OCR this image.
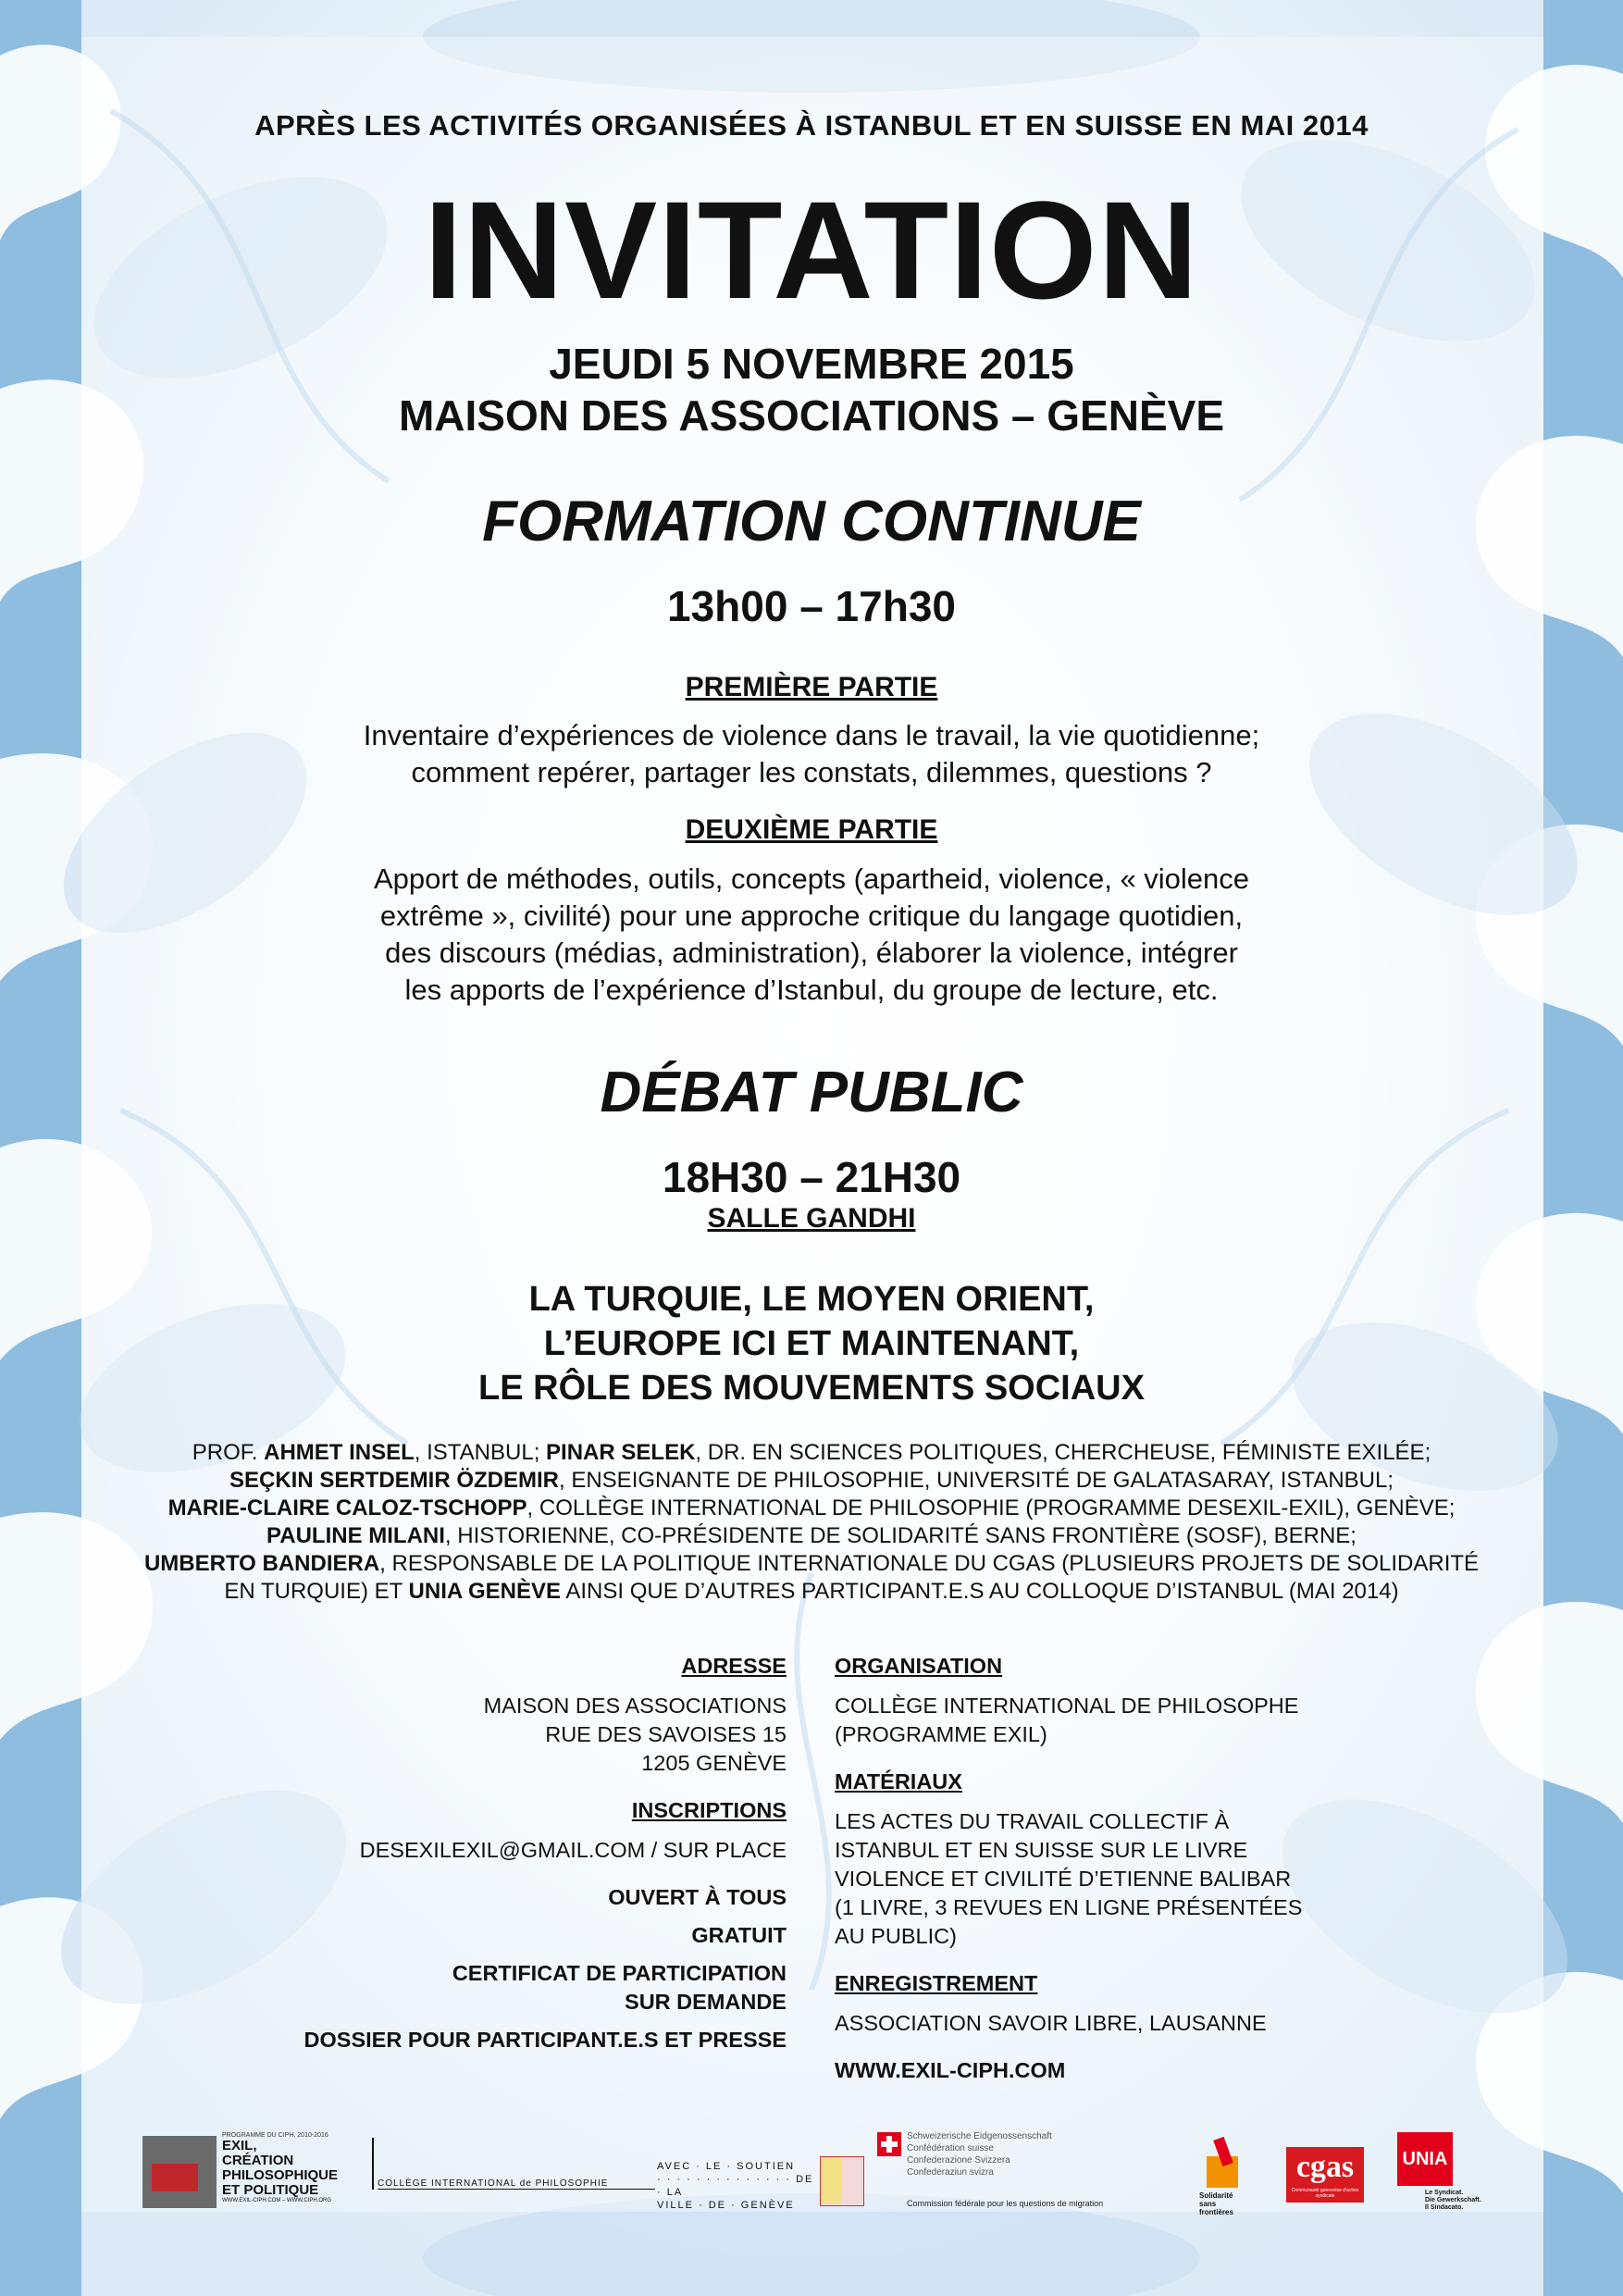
APRÈS LES ACTIVITÉS ORGANISÉES À ISTANBUL ET EN SUISSE EN MAI 2014
INVITATION
JEUDI 5 NOVEMBRE 2015
MAISON DES ASSOCIATIONS – GENÈVE
FORMATION CONTINUE
13h00 – 17h30
PREMIÈRE PARTIE
Inventaire d’expériences de violence dans le travail, la vie quotidienne;
comment repérer, partager les constats, dilemmes, questions ?
DEUXIÈME PARTIE
Apport de méthodes, outils, concepts (apartheid, violence, « violence
extrême », civilité) pour une approche critique du langage quotidien,
des discours (médias, administration), élaborer la violence, intégrer
les apports de l’expérience d’Istanbul, du groupe de lecture, etc.
DÉBAT PUBLIC
18H30 – 21H30
SALLE GANDHI
LA TURQUIE, LE MOYEN ORIENT,
L’EUROPE ICI ET MAINTENANT,
LE RÔLE DES MOUVEMENTS SOCIAUX
PROF. AHMET INSEL, ISTANBUL; PINAR SELEK, DR. EN SCIENCES POLITIQUES, CHERCHEUSE, FÉMINISTE EXILÉE;
SEÇKIN SERTDEMIR ÖZDEMIR, ENSEIGNANTE DE PHILOSOPHIE, UNIVERSITÉ DE GALATASARAY, ISTANBUL;
MARIE-CLAIRE CALOZ-TSCHOPP, COLLÈGE INTERNATIONAL DE PHILOSOPHIE (PROGRAMME DESEXIL-EXIL), GENÈVE;
PAULINE MILANI, HISTORIENNE, CO-PRÉSIDENTE DE SOLIDARITÉ SANS FRONTIÈRE (SOSF), BERNE;
UMBERTO BANDIERA, RESPONSABLE DE LA POLITIQUE INTERNATIONALE DU CGAS (PLUSIEURS PROJETS DE SOLIDARITÉ
EN TURQUIE) ET UNIA GENÈVE AINSI QUE D’AUTRES PARTICIPANT.E.S AU COLLOQUE D’ISTANBUL (MAI 2014)
ADRESSE
MAISON DES ASSOCIATIONS
RUE DES SAVOISES 15
1205 GENÈVE
INSCRIPTIONS
DESEXILEXIL@GMAIL.COM / SUR PLACE
OUVERT À TOUS
GRATUIT
CERTIFICAT DE PARTICIPATION
SUR DEMANDE
DOSSIER POUR PARTICIPANT.E.S ET PRESSE
ORGANISATION
COLLÈGE INTERNATIONAL DE PHILOSOPHE
(PROGRAMME EXIL)
MATÉRIAUX
LES ACTES DU TRAVAIL COLLECTIF À
ISTANBUL ET EN SUISSE SUR LE LIVRE
VIOLENCE ET CIVILITÉ D’ETIENNE BALIBAR
(1 LIVRE, 3 REVUES EN LIGNE PRÉSENTÉES
AU PUBLIC)
ENREGISTREMENT
ASSOCIATION SAVOIR LIBRE, LAUSANNE
WWW.EXIL-CIPH.COM
PROGRAMME DU CIPH, 2010-2016
EXIL,
CRÉATION
PHILOSOPHIQUE
ET POLITIQUE
WWW.EXIL-CIPH.COM – WWW.CIPH.ORG
COLLÈGE INTERNATIONAL de PHILOSOPHIE
AVEC · LE · SOUTIEN
· · · · · · · · · · · · · · DE · LA
VILLE · DE · GENÈVE
Schweizerische Eidgenossenschaft
Confédération suisse
Confederazione Svizzera
Confederaziun svizra
Commission fédérale pour les questions de migration
Solidarité
sans
frontières
cgas
Communauté genevoise d’action syndicale
UNIA
Le Syndicat.
Die Gewerkschaft.
Il Sindacato.
